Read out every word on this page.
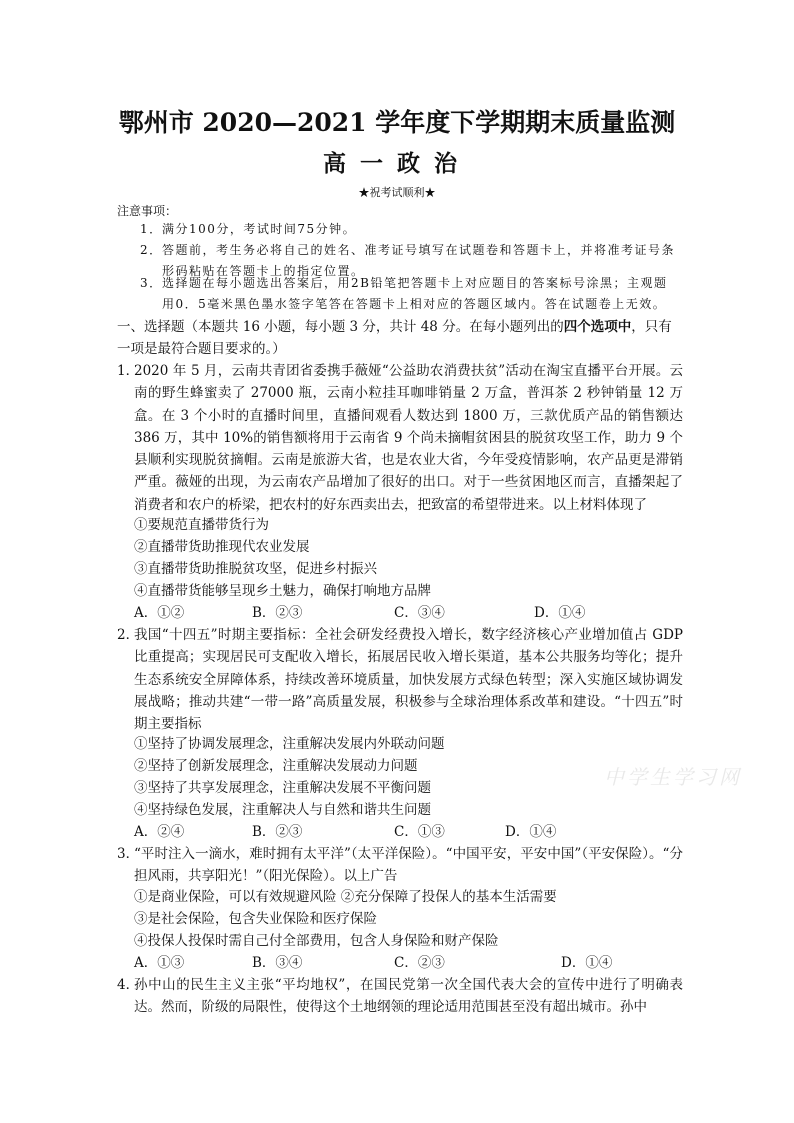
鄂州市 2020—2021 学年度下学期期末质量监测
高一政治
★祝考试顺利★
注意事项：
1． 满分100分，考试时间75分钟。
2． 答题前，考生务必将自己的姓名、准考证号填写在试题卷和答题卡上，并将准考证号条形码粘贴在答题卡上的指定位置。
3． 选择题在每小题选出答案后，用2B铅笔把答题卡上对应题目的答案标号涂黑；主观题用0．5毫米黑色墨水签字笔答在答题卡上相对应的答题区域内。答在试题卷上无效。
一、选择题（本题共 16 小题，每小题 3 分，共计 48 分。在每小题列出的四个选项中，只有一项是最符合题目要求的。）
1．
2020 年 5 月，云南共青团省委携手薇娅“公益助农消费扶贫”活动在淘宝直播平台开展。云南的野生蜂蜜卖了 27000 瓶，云南小粒挂耳咖啡销量 2 万盒，普洱茶 2 秒钟销量 12 万盒。在 3 个小时的直播时间里，直播间观看人数达到 1800 万，三款优质产品的销售额达 386 万，其中 10%的销售额将用于云南省 9 个尚未摘帽贫困县的脱贫攻坚工作，助力 9 个县顺利实现脱贫摘帽。云南是旅游大省，也是农业大省，今年受疫情影响，农产品更是滞销严重。薇娅的出现，为云南农产品增加了很好的出口。对于一些贫困地区而言，直播架起了消费者和农户的桥梁，把农村的好东西卖出去，把致富的希望带进来。以上材料体现了
①要规范直播带货行为
②直播带货助推现代农业发展
③直播带货助推脱贫攻坚，促进乡村振兴
④直播带货能够呈现乡土魅力，确保打响地方品牌
A．①②	B．②③	C．③④	D．①④
2．
我国“十四五”时期主要指标：全社会研发经费投入增长，数字经济核心产业增加值占 GDP 比重提高；实现居民可支配收入增长，拓展居民收入增长渠道，基本公共服务均等化；提升生态系统安全屏障体系，持续改善环境质量，加快发展方式绿色转型；深入实施区域协调发展战略；推动共建“一带一路”高质量发展，积极参与全球治理体系改革和建设。“十四五”时期主要指标
①坚持了协调发展理念，注重解决发展内外联动问题
②坚持了创新发展理念，注重解决发展动力问题
③坚持了共享发展理念，注重解决发展不平衡问题
④坚持绿色发展，注重解决人与自然和谐共生问题
A．②④	B．②③	C．①③	D．①④
3．
“平时注入一滴水，难时拥有太平洋”（太平洋保险）。“中国平安，平安中国”（平安保险）。“分担风雨，共享阳光！”（阳光保险）。以上广告
①是商业保险，可以有效规避风险 ②充分保障了投保人的基本生活需要
③是社会保险，包含失业保险和医疗保险
④投保人投保时需自己付全部费用，包含人身保险和财产保险
A．①③	B．③④	C．②③	D．①④
4．
孙中山的民生主义主张“平均地权”，在国民党第一次全国代表大会的宣传中进行了明确表达。然而，阶级的局限性，使得这个土地纲领的理论适用范围甚至没有超出城市。孙中
中学生学习网
